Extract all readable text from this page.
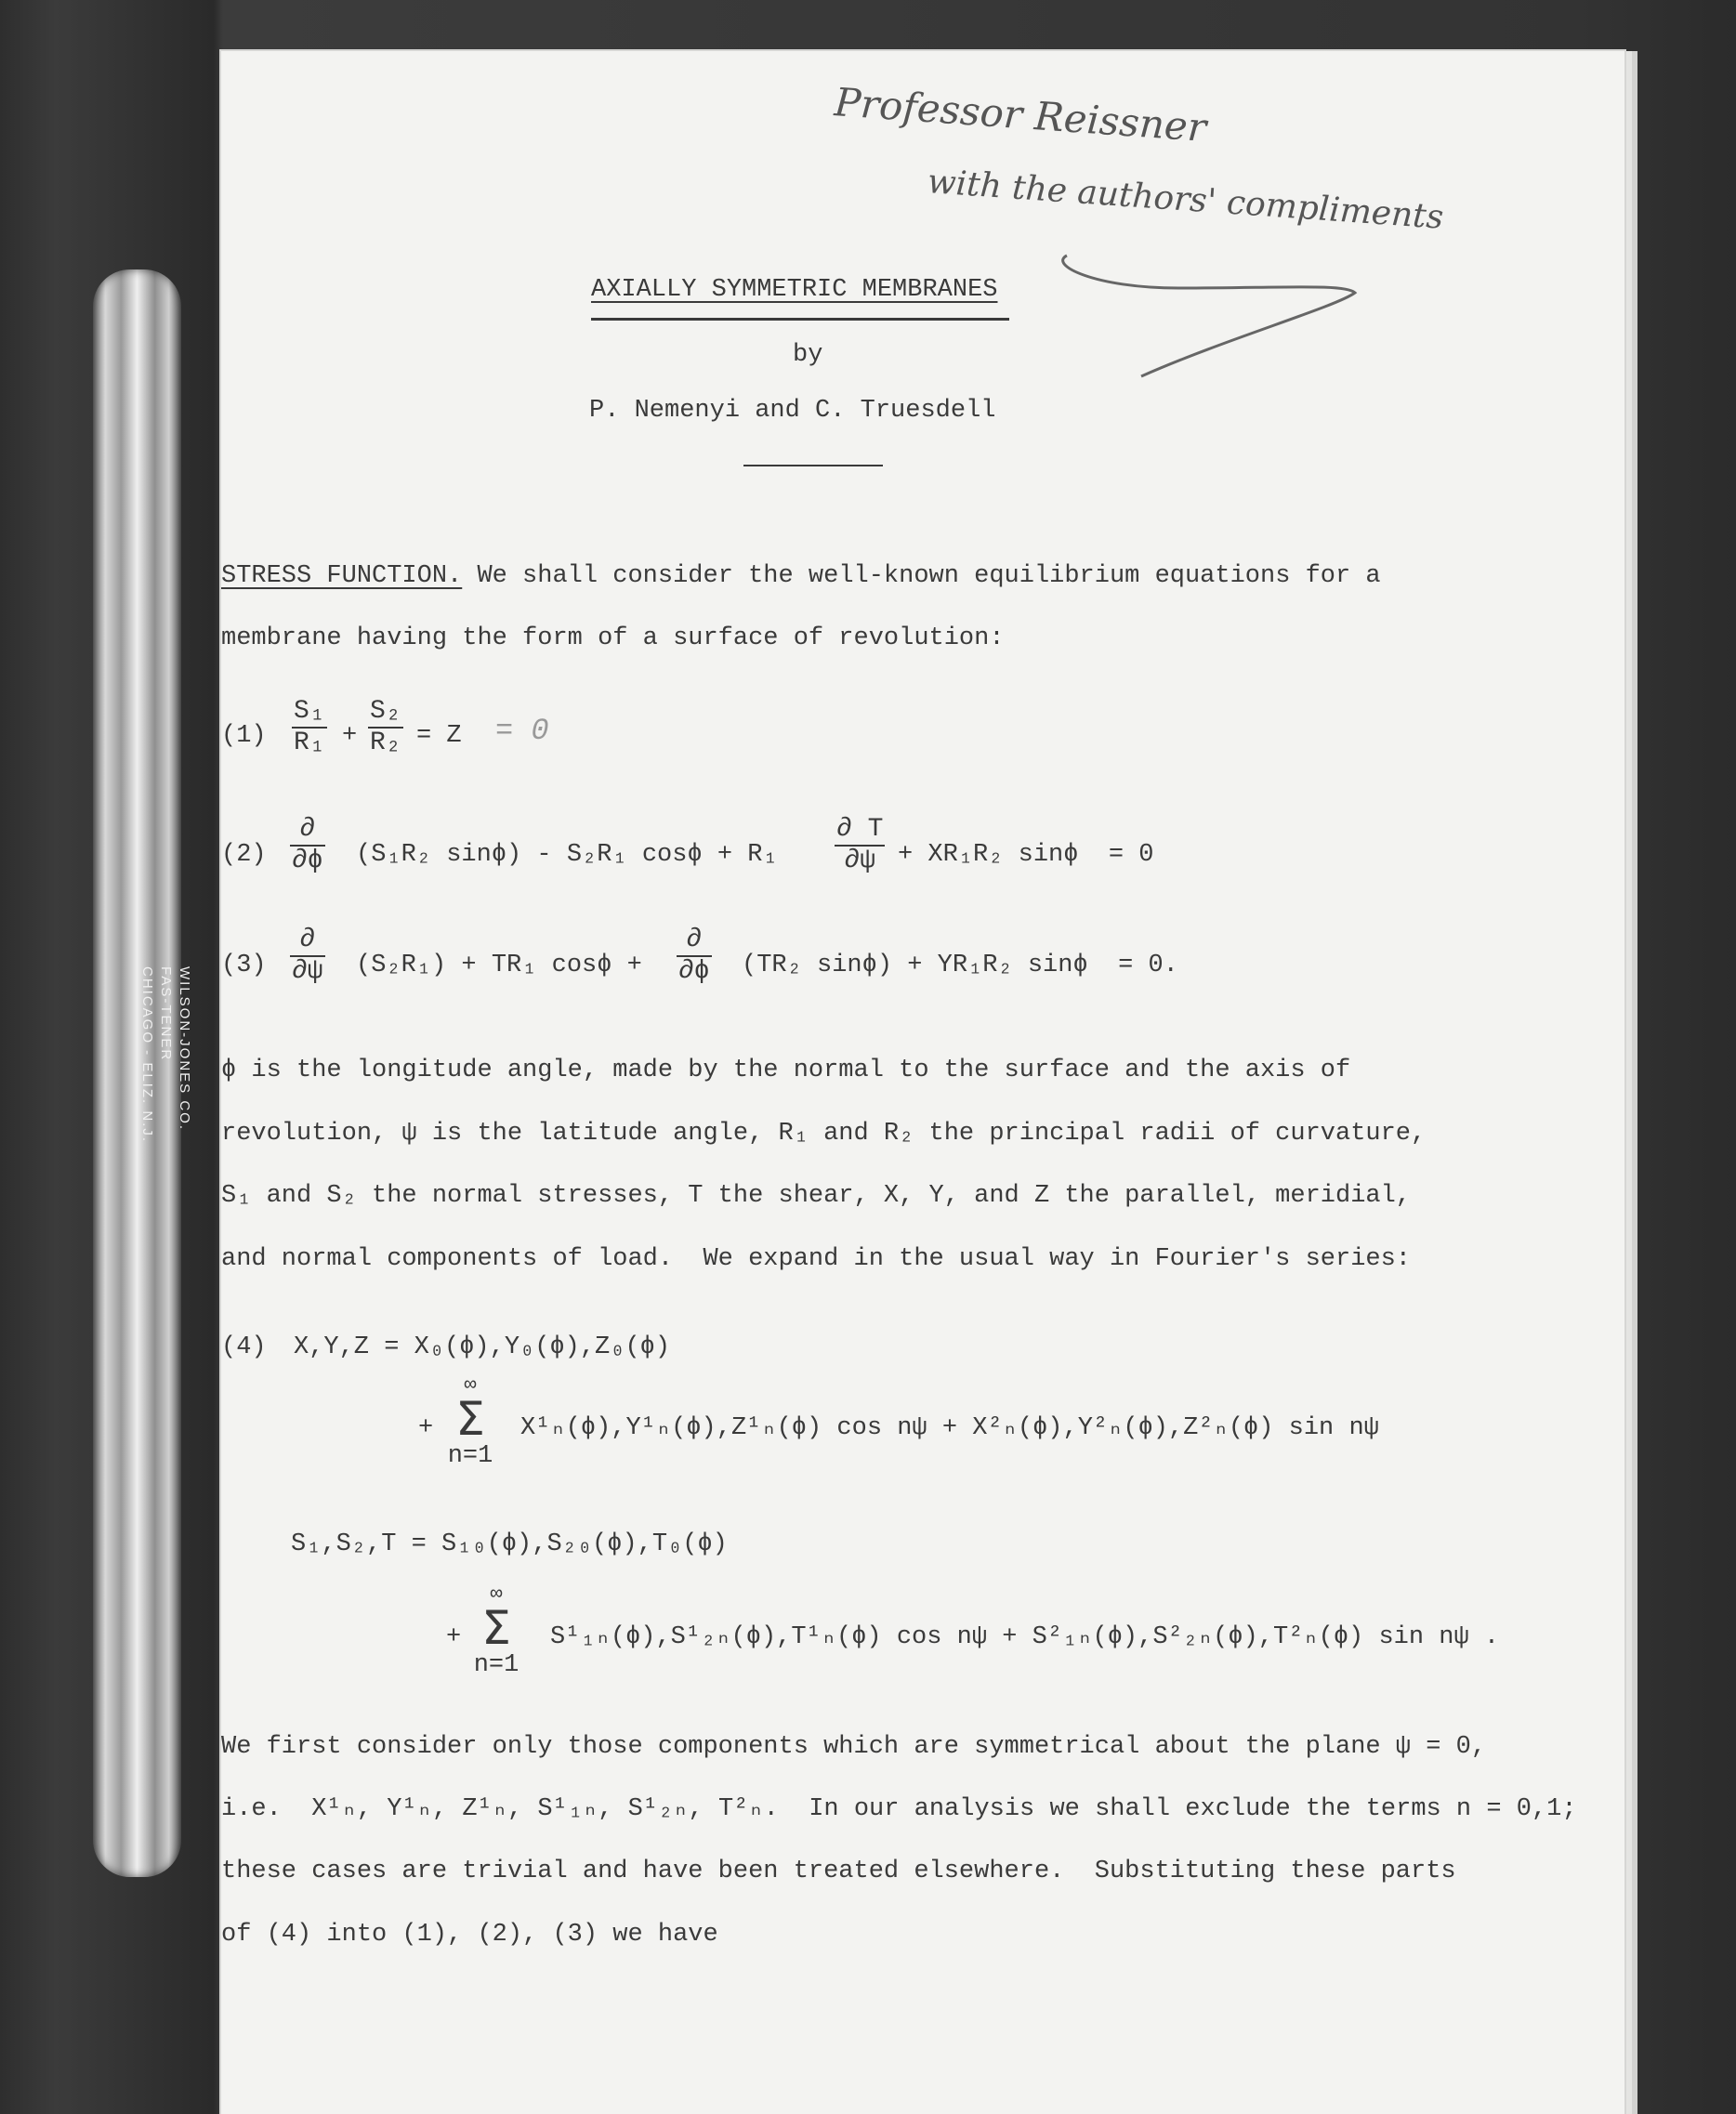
WILSON-JONES CO.
FAS-TENER
CHICAGO - ELIZ. N.J.
Professor Reissner
with the authors' compliments
AXIALLY SYMMETRIC MEMBRANES
by
P. Nemenyi and C. Truesdell
STRESS FUNCTION. We shall consider the well-known equilibrium equations for a
membrane having the form of a surface of revolution:
$(1) \frac{\text{S₁}}{\text{R₁}} + \frac{\text{S₂}}{\text{R₂}} = Z = 0$
(2)
∂
∂ϕ (S₁R₂ sinϕ) - S₂R₁ $\cos\phi + R_1 \frac{\partial T}{\partial\psi} + XR_1R_2$ sinϕ  = 0
(3)
∂
∂ψ (S₂R₁) + TR₁ cosϕ +
∂
∂ϕ (TR₂ sinϕ) + YR₁R₂ sinϕ  = 0.
ϕ is the longitude angle, made by the normal to the surface and the axis of
revolution, ψ is the latitude angle, R₁ and R₂ the principal radii of curvature,
S₁ and S₂ the normal stresses, T the shear, X, Y, and Z the parallel, meridial,
and normal components of load.  We expand in the usual way in Fourier's series:
(4) X,Y,Z = X₀(ϕ),Y₀(ϕ),Z₀(ϕ)
+
∞
Σ
n=1
X¹ₙ(ϕ),Y¹ₙ(ϕ),Z¹ₙ(ϕ) cos nψ + X²ₙ(ϕ),Y²ₙ(ϕ),Z²ₙ(ϕ) sin nψ
S₁,S₂,T = S₁₀(ϕ),S₂₀(ϕ),T₀(ϕ)
+
∞
Σ
n=1
S¹₁ₙ(ϕ),S¹₂ₙ(ϕ),T¹ₙ(ϕ) cos nψ + S²₁ₙ(ϕ),S²₂ₙ(ϕ),T²ₙ(ϕ) sin nψ .
We first consider only those components which are symmetrical about the plane ψ = 0,
i.e.  X¹ₙ, Y¹ₙ, Z¹ₙ, S¹₁ₙ, S¹₂ₙ, T²ₙ.  In our analysis we shall exclude the terms n = 0,1;
these cases are trivial and have been treated elsewhere.  Substituting these parts
of (4) into (1), (2), (3) we have
